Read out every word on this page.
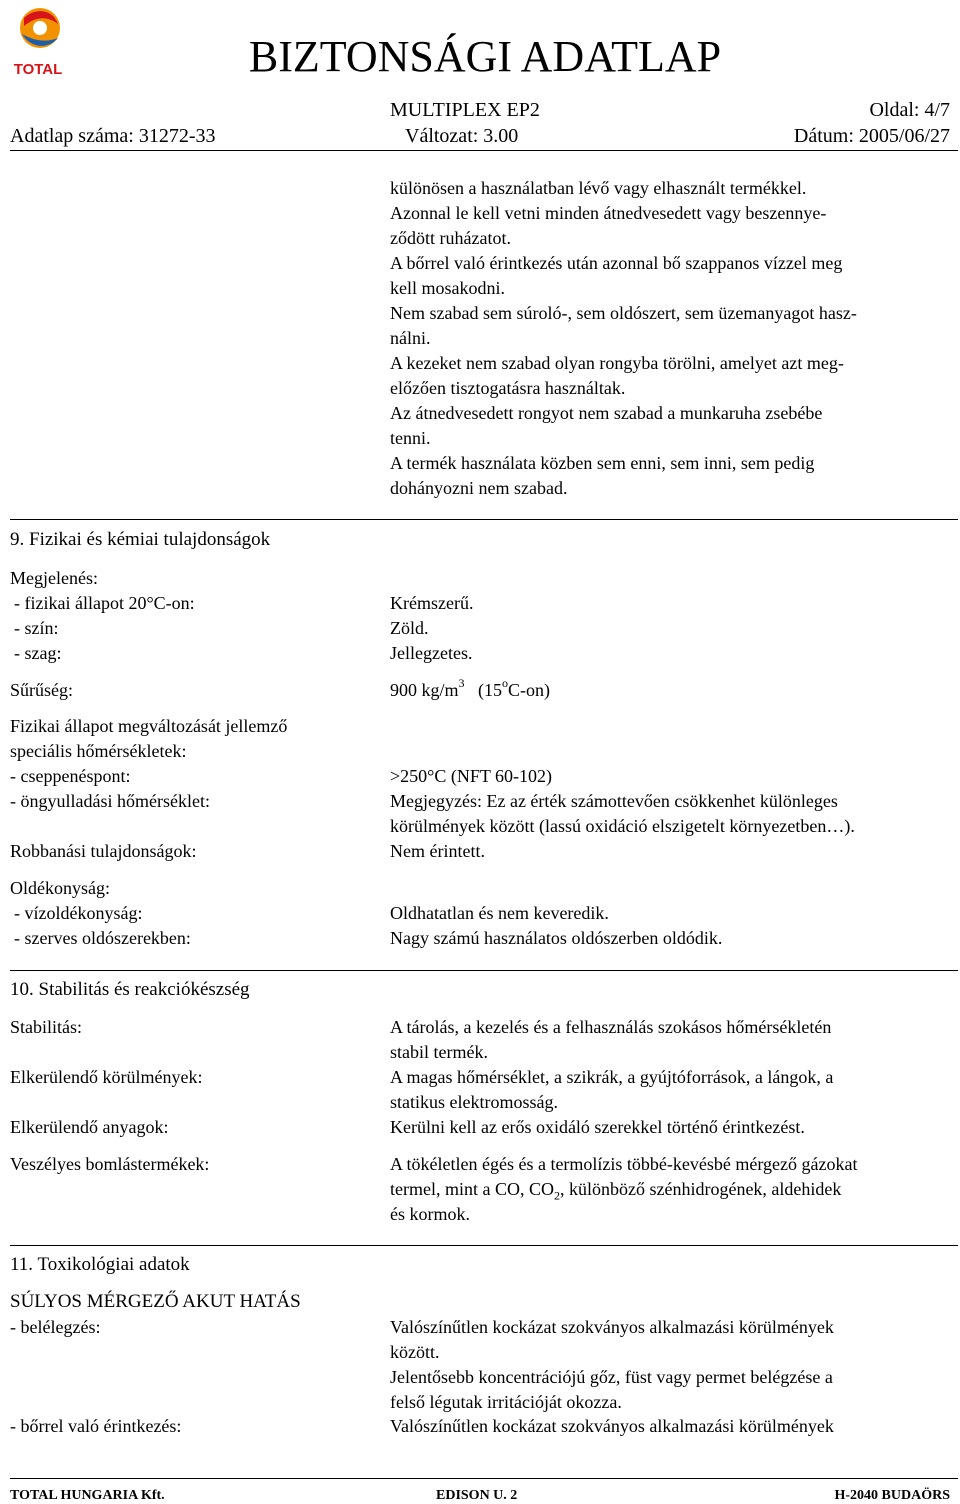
TOTAL	BIZTONSÁGI ADATLAP
MULTIPLEX EP2	Oldal: 4/7
Adatlap száma: 31272-33	Változat: 3.00	Dátum: 2005/06/27
különösen a használatban lévő vagy elhasznált termékkel.
Azonnal le kell vetni minden átnedvesedett vagy beszennye-
ződött ruházatot.
A bőrrel való érintkezés után azonnal bő szappanos vízzel meg
kell mosakodni.
Nem szabad sem súroló-, sem oldószert, sem üzemanyagot hasz-
nálni.
A kezeket nem szabad olyan rongyba törölni, amelyet azt meg-
előzően tisztogatásra használtak.
Az átnedvesedett rongyot nem szabad a munkaruha zsebébe
tenni.
A termék használata közben sem enni, sem inni, sem pedig
dohányozni nem szabad.
9. Fizikai és kémiai tulajdonságok
Megjelenés:
- fizikai állapot 20°C-on:	Krémszerű.
- szín:	Zöld.
- szag:	Jellegzetes.
Sűrűség:	900 $kg/m^3$ (15$^o$C-on)
Fizikai állapot megváltozását jellemző
speciális hőmérsékletek:
- cseppenéspont:	>250°C (NFT 60-102)
- öngyulladási hőmérséklet:	Megjegyzés: Ez az érték számottevően csökkenhet különleges
körülmények között (lassú oxidáció elszigetelt környezetben…).
Robbanási tulajdonságok:	Nem érintett.
Oldékonyság:
- vízoldékonyság:	Oldhatatlan és nem keveredik.
- szerves oldószerekben:	Nagy számú használatos oldószerben oldódik.
10. Stabilitás és reakciókészség
Stabilitás:	A tárolás, a kezelés és a felhasználás szokásos hőmérsékletén
stabil termék.
Elkerülendő körülmények:	A magas hőmérséklet, a szikrák, a gyújtóforrások, a lángok, a
statikus elektromosság.
Elkerülendő anyagok:	Kerülni kell az erős oxidáló szerekkel történő érintkezést.
Veszélyes bomlástermékek:	A tökéletlen égés és a termolízis többé-kevésbé mérgező gázokat
termel, mint a CO, $CO_2$, különböző szénhidrogének, aldehidek
és kormok.
11. Toxikológiai adatok
SÚLYOS MÉRGEZŐ AKUT HATÁS
- belélegzés:	Valószínűtlen kockázat szokványos alkalmazási körülmények
között.
Jelentősebb koncentrációjú gőz, füst vagy permet belégzése a
felső légutak irritációját okozza.
- bőrrel való érintkezés:	Valószínűtlen kockázat szokványos alkalmazási körülmények
TOTAL HUNGARIA Kft.	EDISON U. 2	H-2040 BUDAÖRS
